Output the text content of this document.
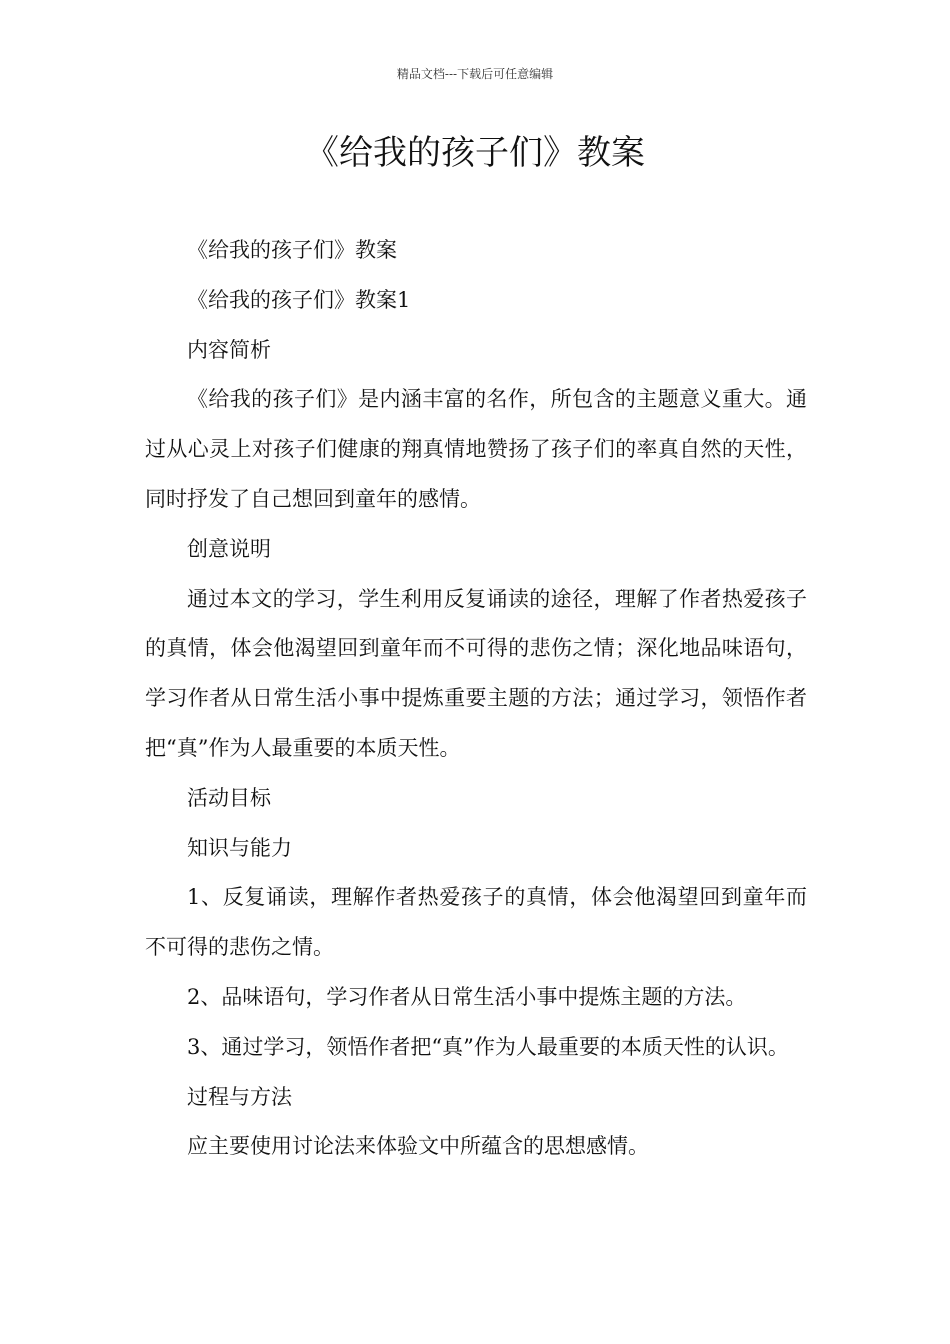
精品文档---下载后可任意编辑
《给我的孩子们》教案

《给我的孩子们》教案

《给我的孩子们》教案1

内容简析

《给我的孩子们》是内涵丰富的名作，所包含的主题意义重大。通过从心灵上对孩子们健康的翔真情地赞扬了孩子们的率真自然的天性，同时抒发了自己想回到童年的感情。

创意说明

通过本文的学习，学生利用反复诵读的途径，理解了作者热爱孩子的真情，体会他渴望回到童年而不可得的悲伤之情；深化地品味语句，学习作者从日常生活小事中提炼重要主题的方法；通过学习，领悟作者把“真”作为人最重要的本质天性。

活动目标

知识与能力

1、反复诵读，理解作者热爱孩子的真情，体会他渴望回到童年而不可得的悲伤之情。

2、品味语句，学习作者从日常生活小事中提炼主题的方法。

3、通过学习，领悟作者把“真”作为人最重要的本质天性的认识。

过程与方法

应主要使用讨论法来体验文中所蕴含的思想感情。
